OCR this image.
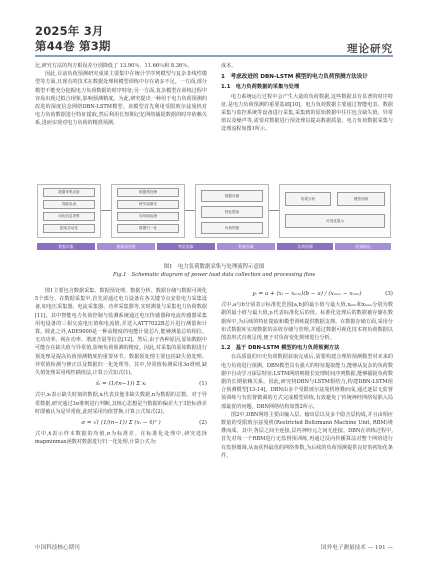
2025年 3月
第44卷 第3期	理论研究

比,研究方法的均方根误差分别降低了 13.90％、11.66％和 8.36％。

因此,目前负荷预测研究成果主要集中在统计学序列模型与复杂非线性模型等方面,且现有的技术在数据处理和模型训练中存在诸多不足。一方面,部分模型不能充分挖掘电力负荷数据的时序特征;另一方面,复杂模型在训练过程中容易出现过拟合现象,影响预测精度。为此,研究提出一种用于电力负荷预测的改进的深度信念网络DBN-LSTM模型。该模型首先利用受限玻尔兹曼机对电力负荷数据进行特征提取,然后利用长短期记忆网络捕捉数据的时序依赖关系,进而实现对电力负荷的精准预测。

成本。

1　考虑改进的 DBN-LSTM 模型的电力负荷预测方法设计

1.1　电力负荷数据的采集与处理

电力系统运行过程中会产生大量的负荷数据,这些数据具有显著的时序特征,是电力负荷预测的重要基础[10]。电力负荷数据主要通过智能电表、数据采集与监控系统等设备进行采集,采集到的原始数据中往往包含缺失值、异常值以及噪声等,需要对数据进行预处理以提高数据质量。电力负荷数据采集与处理流程如图1所示。

数据采集设备
智能电表
用电信息采集
配电自动化
数据预处理
缺失值填充
异常值检测
数据归一化
数据存储
特征提取
负荷预测
结果分析	模型训练
可视化展示
数据采集	数据预处理	特征提取	数据存储	负荷预测	结果输出
图1　电力负荷数据采集与处理流程示意图
Fig.1　Schematic diagram of power load data collection and processing flow

图1主要包含数据采集、数据预处理、数据分析、数据存储与数据可视化5个部分。在数据采集中,首先需通过电力设备在各关键节点安装电力采集设备,如电压采集器、电流采集器、功率采集器等,实时测量与采集电力负荷数据[11]。其中智能电力负荷控制与监测系统通过电压传感器和电流传感器采集用电设备的三相交流电压值和电流值,并送入ATT7022B芯片进行测量和计算。除此之外,ADE9000是一种高精度的电能计量芯片,能够测量总的相位、无功功率、视在功率、谐波含量等信息[12]。然后,由于各种原因,原始数据中可能存在缺失值与异常值,影响负荷预测的精度。因此,对采集的原始数据进行预处理是提高负荷预测精度的重要环节。数据预处理主要包括缺失值处理、异常值检测与修正以及数据归一化处理等。其中,异常值检测采用3σ准则,缺失值处理采用线性插值法,计算公式如式(1)。

x̂ₜ = (1/(n−1)) Σ xᵢ	(1)

式中,xₜ表示缺失时刻的数据,xᵢ代表其他非缺失数据,n为数据的总数。对于异常数据,研究通过3σ准则进行判断,其核心思想是当数据的偏差大于3倍标准差时即被认为是异常值,此时采用均值替换,计算公式如式(2)。

σ = √( (1/(n−1)) Σ (xᵢ − x̄)² )	(2)

式中,x̄表示样本数据的均值,σ为标准差。在标准化处理中,研究选择mapminmax函数对数据进行归一化处理,计算公式为:

yᵢ = a + (xᵢ − xₘᵢₙ)(b − a) / (xₘₐₓ − xₘᵢₙ)	(3)

式中,a与b分别表示标准化范围[a,b]的最小值与最大值,xₘᵢₙ和xₘₐₓ分别为数据的最小值与最大值,yᵢ代表标准化后的值。标准化处理后的数据被存储在数据库中,为后续的特征提取和模型训练提供数据支撑。在数据存储方面,采用分布式数据库实现数据的高效存储与管理,并通过数据可视化技术将负荷数据以图表形式直观呈现,便于对负荷变化规律进行分析。

1.2　基于 DBN-LSTM 模型的电力负荷预测方法

在高质量的历史负荷数据获取完成后,需要构建合理的预测模型对未来的电力负荷进行预测。DBN模型具有强大的特征提取能力,能够从复杂的负荷数据中自动学习深层特征;LSTM网络则擅长处理时间序列数据,能够捕捉负荷数据的长期依赖关系。因此,研究将DBN与LSTM相结合,构建DBN-LSTM组合预测模型[13-14]。DBN由多个受限玻尔兹曼机堆叠而成,通过逐层无监督预训练与有监督微调的方式完成模型训练,有效避免了传统神经网络易陷入局部最优的问题。DBN网络结构如图2所示。

图2中,DBN网络主要由输入层、输出层以及多个隐含层构成,并且由相应数量的受限玻尔兹曼机(Restricted Boltzmann Machine Unit, RBM)堆叠而成。其中,各层之间全连接,层内神经元之间无连接。DBN在训练过程中,首先对每一个RBM进行无监督预训练,再通过反向传播算法对整个网络进行有监督微调,从而获得最优的网络参数,为后续的负荷预测提供良好的初始化条件。

中国科技核心期刊	国外电子测量技术 — 191 —
